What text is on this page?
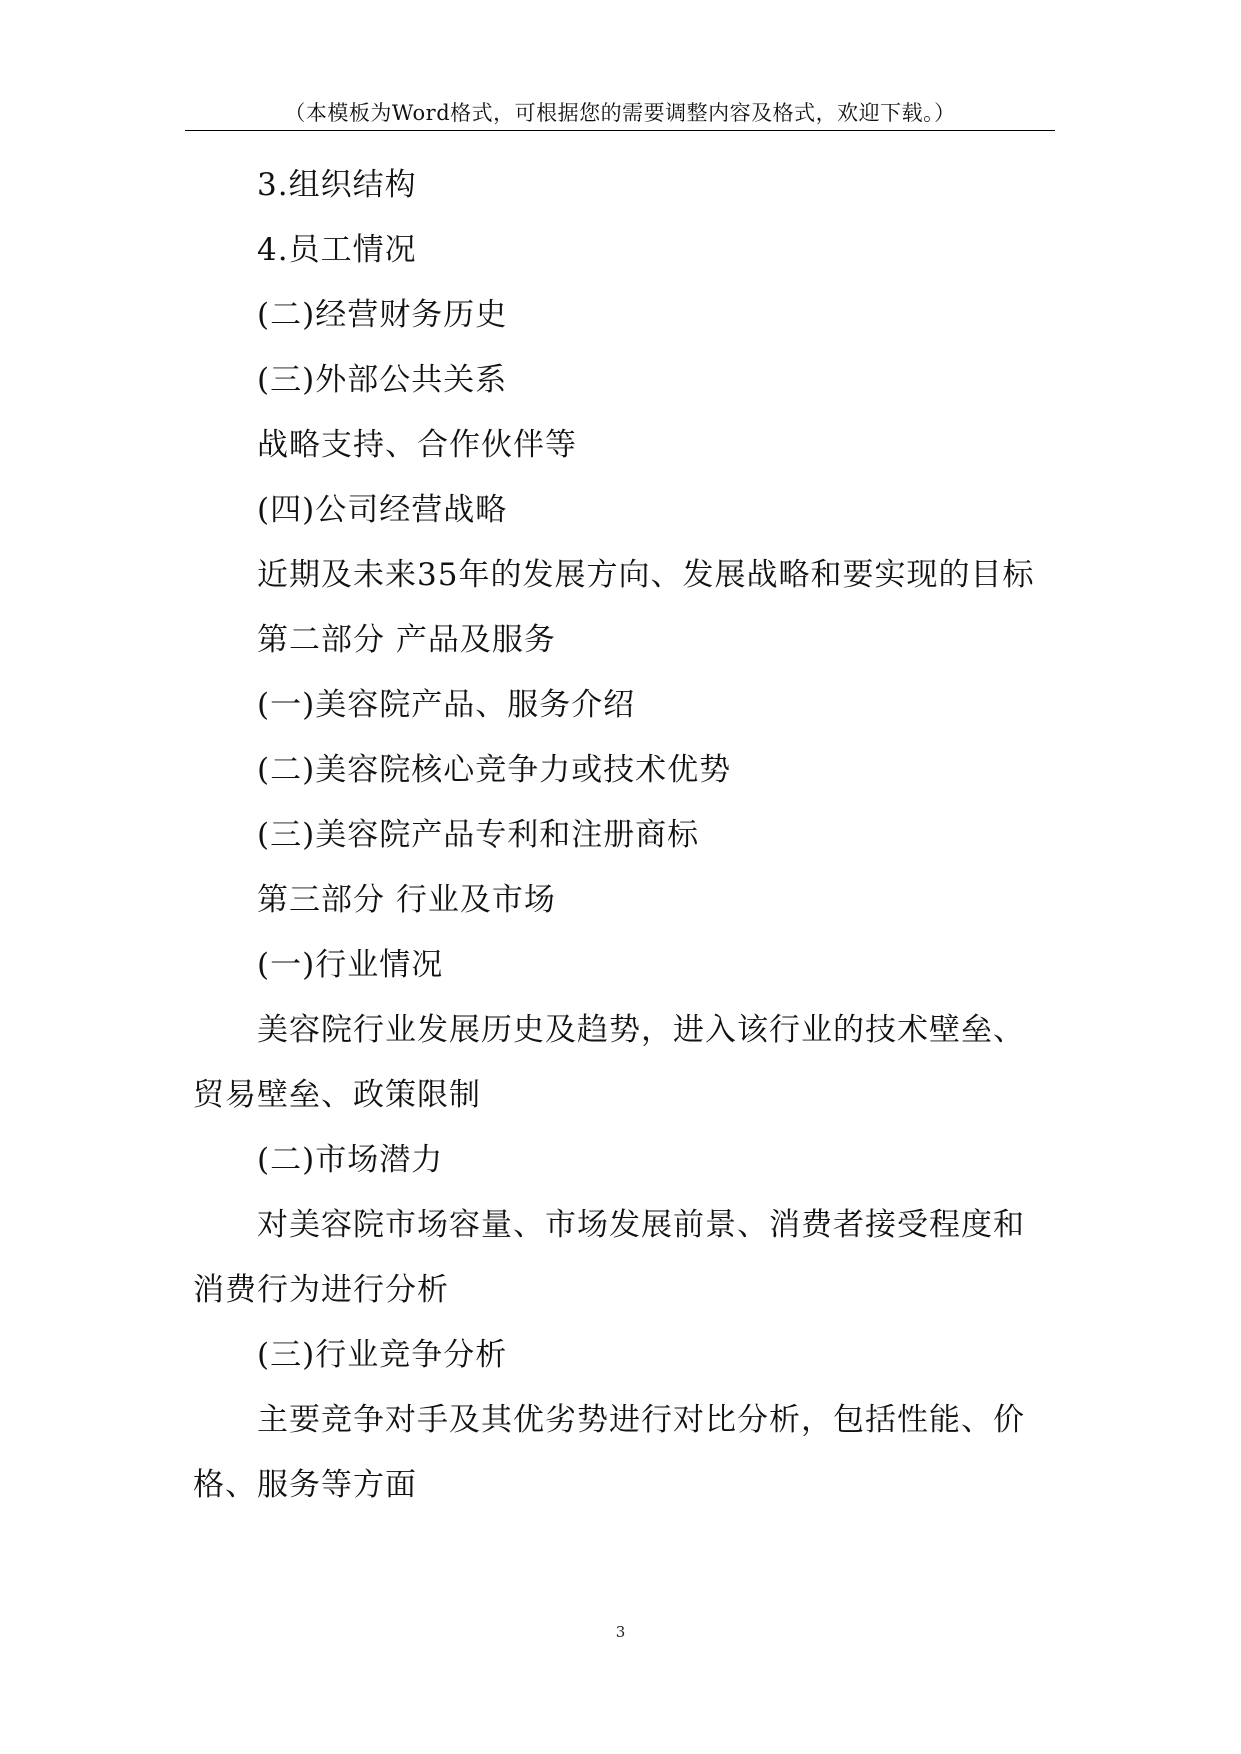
（本模板为Word格式，可根据您的需要调整内容及格式，欢迎下载。）

3.组织结构

4.员工情况

(二)经营财务历史

(三)外部公共关系

战略支持、合作伙伴等

(四)公司经营战略

近期及未来35年的发展方向、发展战略和要实现的目标

第二部分 产品及服务

(一)美容院产品、服务介绍

(二)美容院核心竞争力或技术优势

(三)美容院产品专利和注册商标

第三部分 行业及市场

(一)行业情况

美容院行业发展历史及趋势，进入该行业的技术壁垒、贸易壁垒、政策限制

(二)市场潜力

对美容院市场容量、市场发展前景、消费者接受程度和消费行为进行分析

(三)行业竞争分析

主要竞争对手及其优劣势进行对比分析，包括性能、价格、服务等方面

3
